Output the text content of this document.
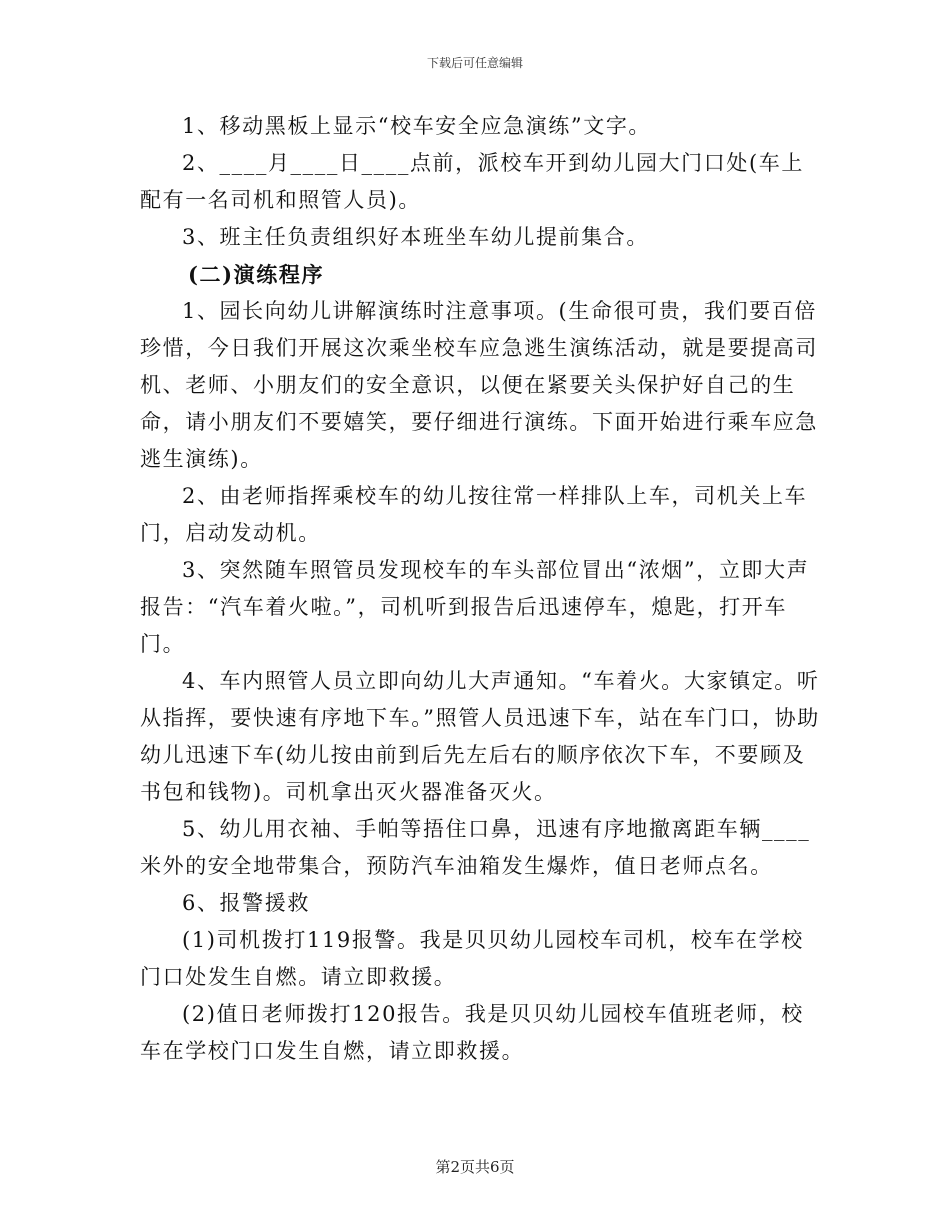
下载后可任意编辑

1、移动黑板上显示“校车安全应急演练”文字。

2、____月____日____点前，派校车开到幼儿园大门口处(车上配有一名司机和照管人员)。

3、班主任负责组织好本班坐车幼儿提前集合。

(二)演练程序

1、园长向幼儿讲解演练时注意事项。(生命很可贵，我们要百倍珍惜，今日我们开展这次乘坐校车应急逃生演练活动，就是要提高司机、老师、小朋友们的安全意识，以便在紧要关头保护好自己的生命，请小朋友们不要嬉笑，要仔细进行演练。下面开始进行乘车应急逃生演练)。

2、由老师指挥乘校车的幼儿按往常一样排队上车，司机关上车门，启动发动机。

3、突然随车照管员发现校车的车头部位冒出“浓烟”，立即大声报告：“汽车着火啦。”，司机听到报告后迅速停车，熄匙，打开车门。

4、车内照管人员立即向幼儿大声通知。“车着火。大家镇定。听从指挥，要快速有序地下车。”照管人员迅速下车，站在车门口，协助幼儿迅速下车(幼儿按由前到后先左后右的顺序依次下车，不要顾及书包和钱物)。司机拿出灭火器准备灭火。

5、幼儿用衣袖、手帕等捂住口鼻，迅速有序地撤离距车辆____米外的安全地带集合，预防汽车油箱发生爆炸，值日老师点名。

6、报警援救

(1)司机拨打119报警。我是贝贝幼儿园校车司机，校车在学校门口处发生自燃。请立即救援。

(2)值日老师拨打120报告。我是贝贝幼儿园校车值班老师，校车在学校门口发生自燃，请立即救援。

第2页共6页
